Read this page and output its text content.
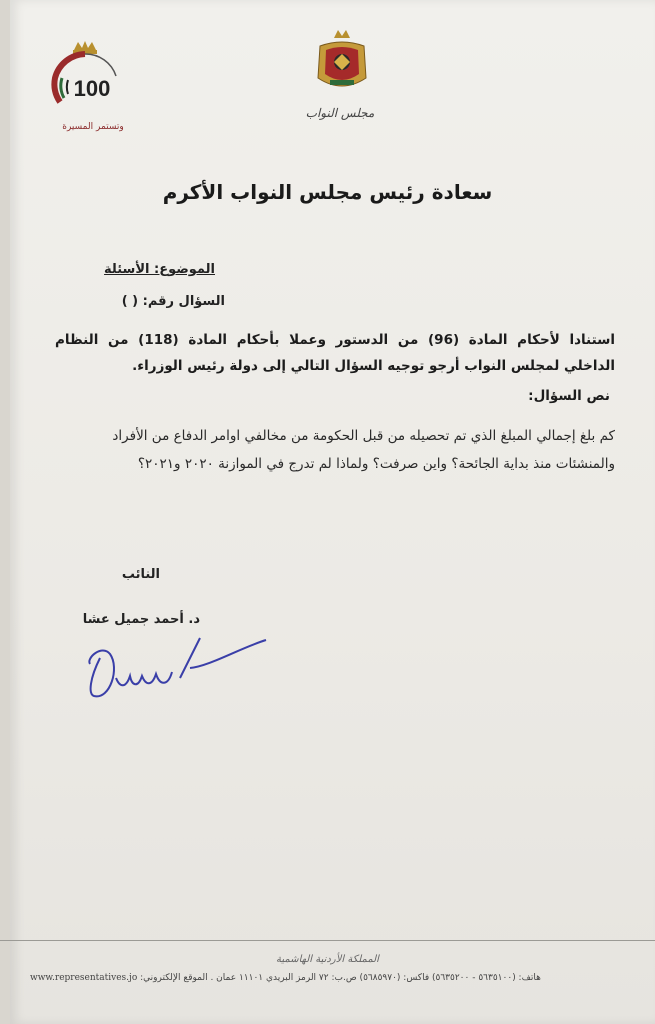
100
وتستمر المسيرة
مجلس النواب
سعادة رئيس مجلس النواب الأكرم
الموضوع: الأسئلة
السؤال رقم: ( )
استنادا لأحكام المادة (96) من الدستور وعملا بأحكام المادة (118) من النظام الداخلي لمجلس النواب أرجو توجيه السؤال التالي إلى دولة رئيس الوزراء.
نص السؤال:
كم بلغ إجمالي المبلغ الذي تم تحصيله من قبل الحكومة من مخالفي اوامر الدفاع من الأفراد والمنشئات منذ بداية الجائحة؟ واين صرفت؟ ولماذا لم تدرج في الموازنة ٢٠٢٠ و٢٠٢١؟
النائب
د. أحمد جميل عشا
المملكة الأردنية الهاشمية
www.representatives.jo هاتف: (٥٦٣٥١٠٠ - ٥٦٣٥٢٠٠) فاكس: (٥٦٨٥٩٧٠) ص.ب: ٧٢ الرمز البريدي ١١١٠١ عمان . الموقع الإلكتروني:
